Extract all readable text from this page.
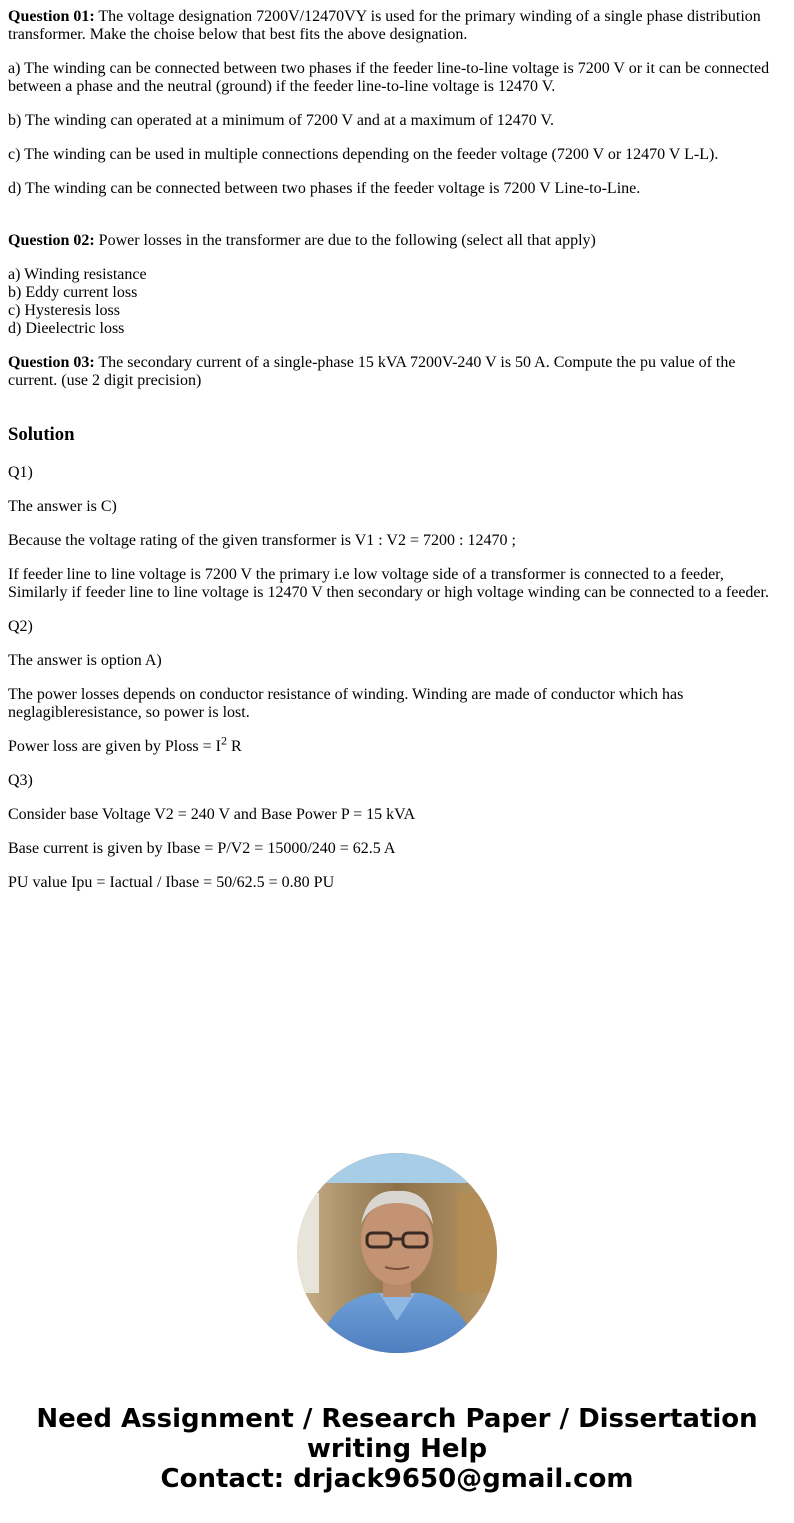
Question 01: The voltage designation 7200V/12470VY is used for the primary winding of a single phase distribution transformer. Make the choise below that best fits the above designation.

a) The winding can be connected between two phases if the feeder line-to-line voltage is 7200 V or it can be connected between a phase and the neutral (ground) if the feeder line-to-line voltage is 12470 V.

b) The winding can operated at a minimum of 7200 V and at a maximum of 12470 V.

c) The winding can be used in multiple connections depending on the feeder voltage (7200 V or 12470 V L-L).

d) The winding can be connected between two phases if the feeder voltage is 7200 V Line-to-Line.

Question 02: Power losses in the transformer are due to the following (select all that apply)

a) Winding resistance
b) Eddy current loss
c) Hysteresis loss
d) Dieelectric loss

Question 03: The secondary current of a single-phase 15 kVA 7200V-240 V is 50 A. Compute the pu value of the current. (use 2 digit precision)

Solution

Q1)

The answer is C)

Because the voltage rating of the given transformer is V1 : V2 = 7200 : 12470 ;

If feeder line to line voltage is 7200 V the primary i.e low voltage side of a transformer is connected to a feeder, Similarly if feeder line to line voltage is 12470 V then secondary or high voltage winding can be connected to a feeder.

Q2)

The answer is option A)

The power losses depends on conductor resistance of winding. Winding are made of conductor which has neglagibleresistance, so power is lost.

Power loss are given by Ploss = $I^2$ R

Q3)

Consider base Voltage V2 = 240 V and Base Power P = 15 kVA

Base current is given by Ibase = P/V2 = 15000/240 = 62.5 A

PU value Ipu = Iactual / Ibase = 50/62.5 = 0.80 PU

Need Assignment / Research Paper / Dissertation
writing Help
Contact: drjack9650@gmail.com
